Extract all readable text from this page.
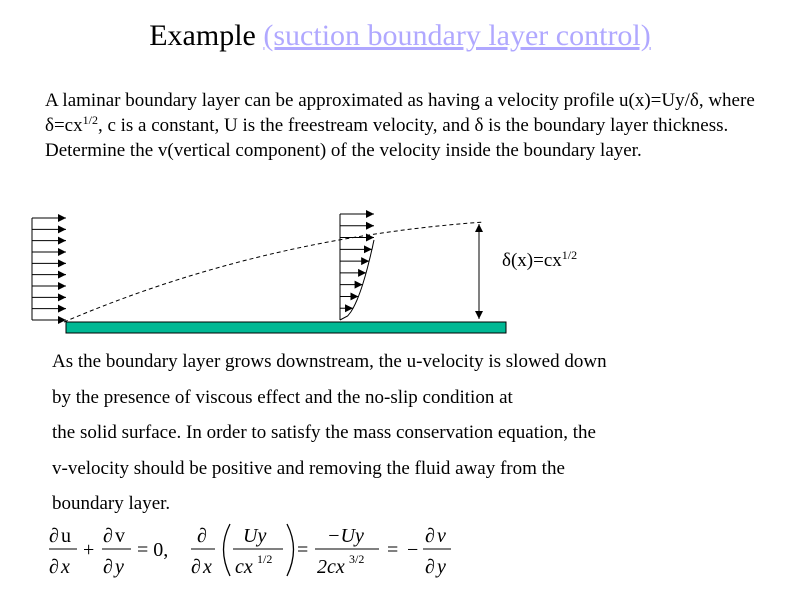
Example (suction boundary layer control)
A laminar boundary layer can be approximated as having a velocity profile u(x)=Uy/δ, where $\delta=cx^{1/2}$, c is a constant, U is the freestream velocity, and δ is the boundary layer thickness. Determine the v(vertical component) of the velocity inside the boundary layer.
$\delta(x)=cx^{1/2}$
As the boundary layer grows downstream, the u-velocity is slowed down
by the presence of viscous effect and the no-slip condition at
the solid surface. In order to satisfy the mass conservation equation, the
v-velocity should be positive and removing the fluid away from the
boundary layer.
∂ u
∂ x
+
∂ v
∂ y
= 0,
∂
∂ x
Uy
cx 1/2 =
−Uy
2cx 3/2 = −
∂ v
∂ y
